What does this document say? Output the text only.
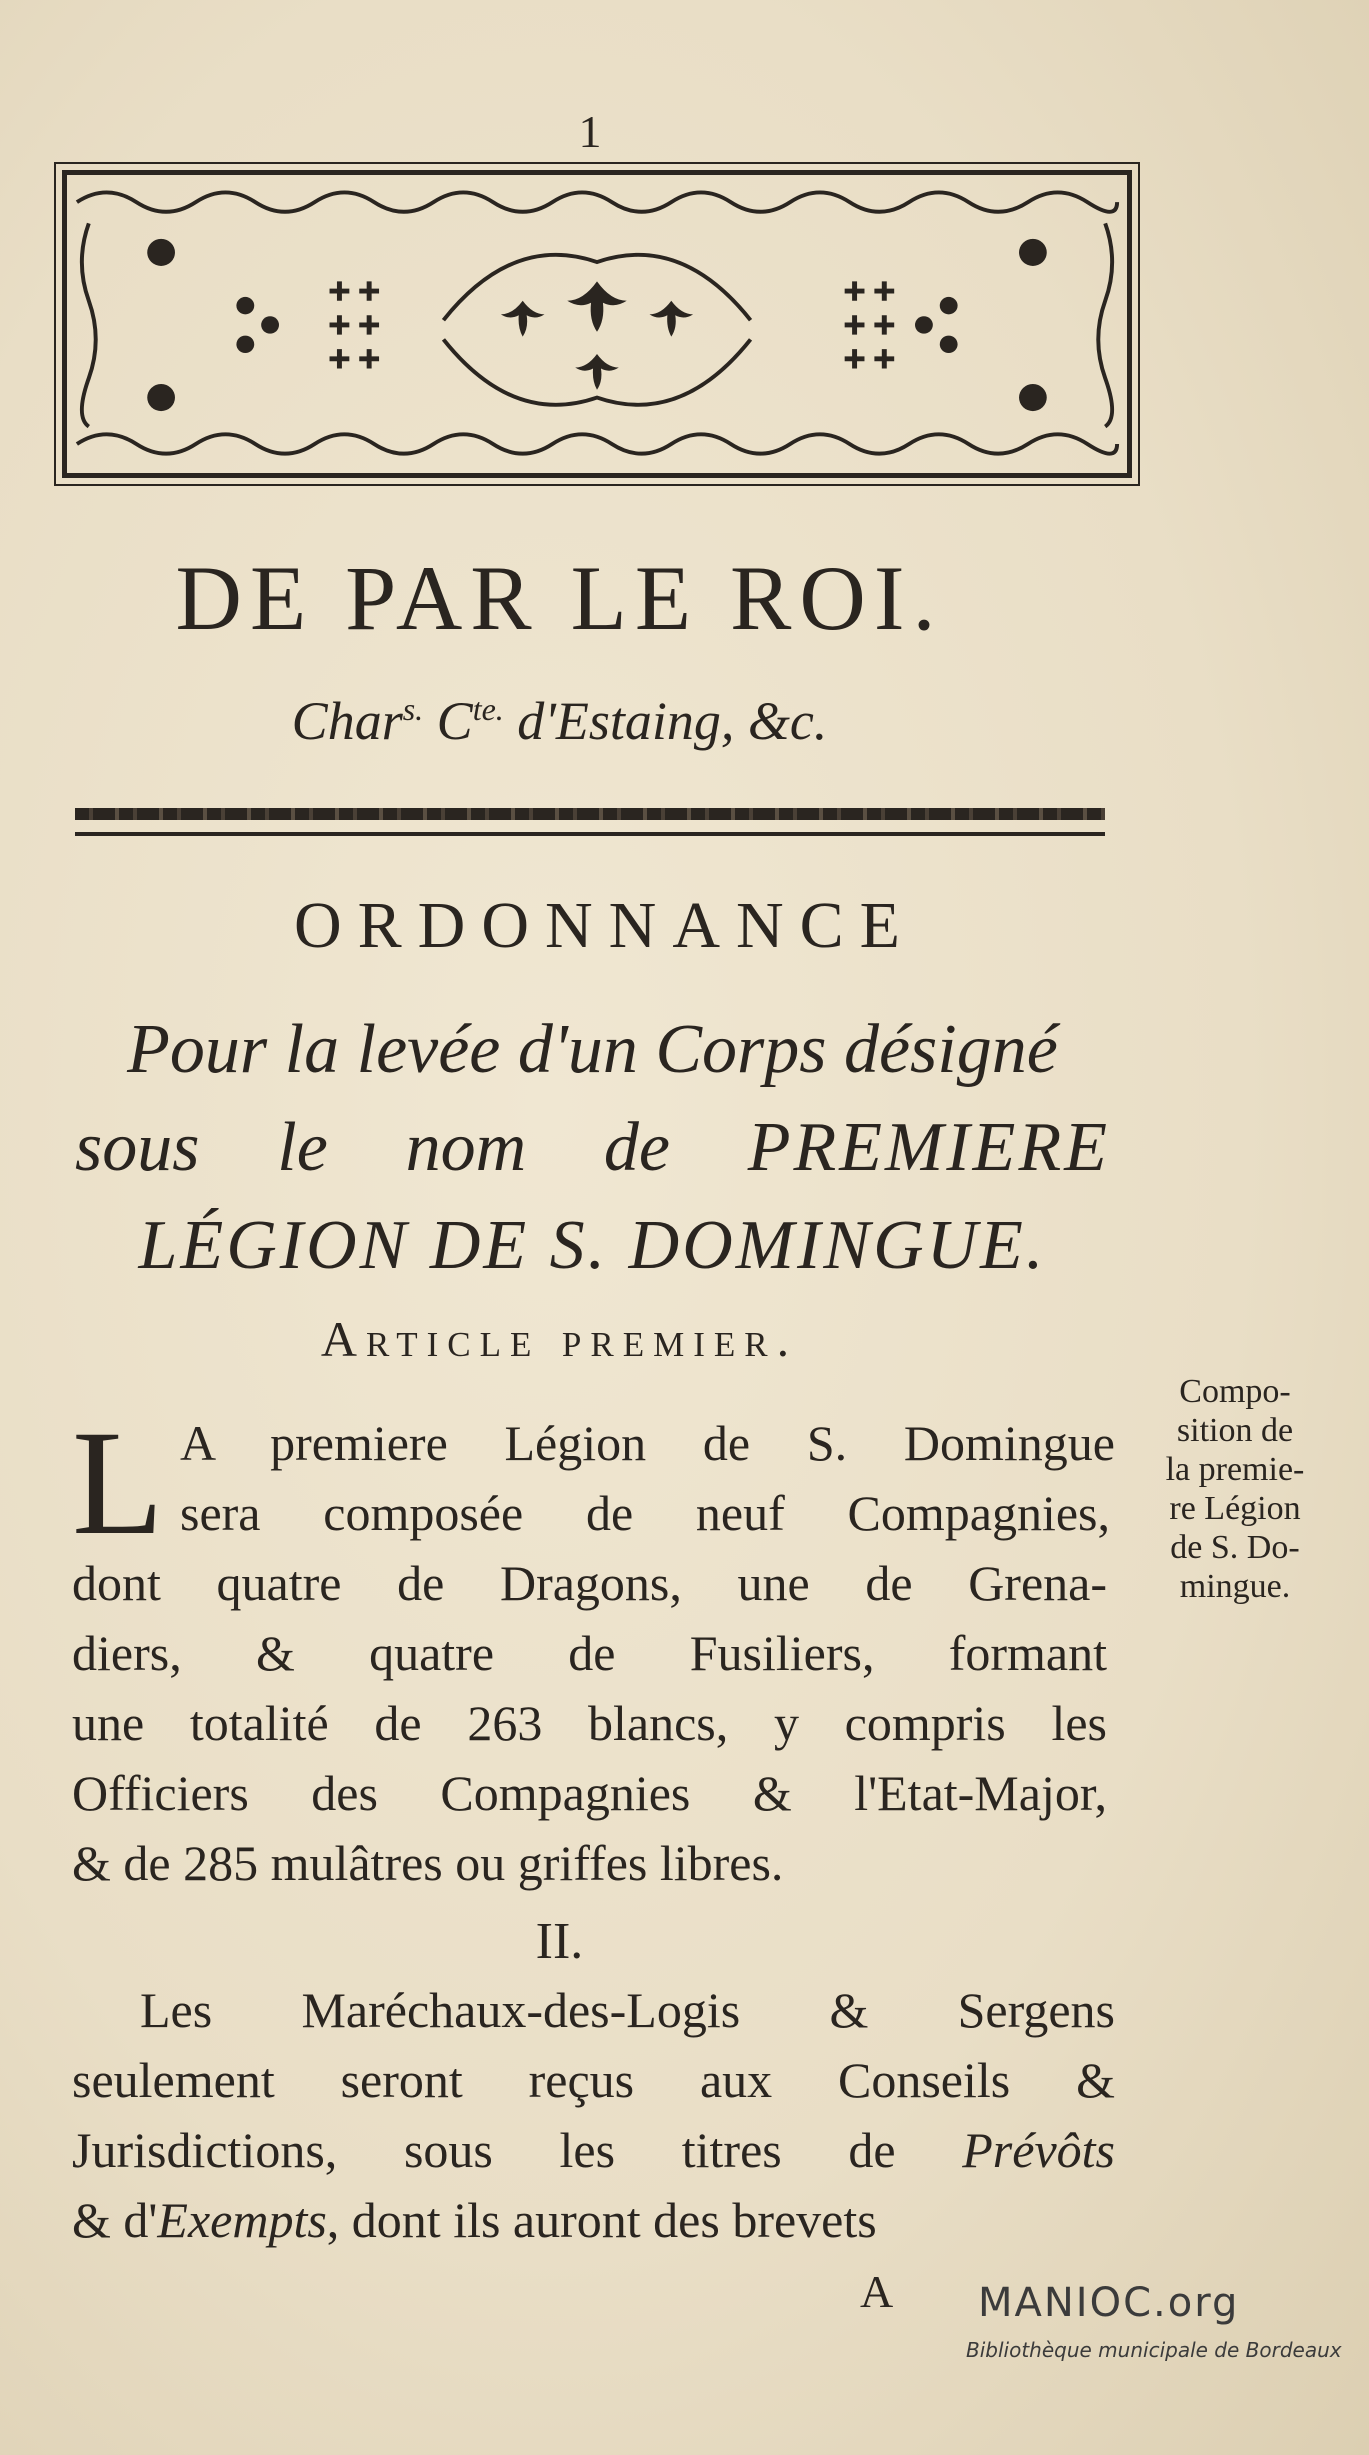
1
DE PAR LE ROI.
Char$^{s.}$ $C^{te.}$ d'Estaing, &c.
ORDONNANCE
Pour la levée d'un Corps désigné
sous le nom de PREMIERE
LÉGION DE S. DOMINGUE.
Article premier.
L A premiere Légion de S. Domingue
sera composée de neuf Compagnies,
dont quatre de Dragons, une de Grena-
diers, & quatre de Fusiliers, formant
une totalité de 263 blancs, y compris les
Officiers des Compagnies & l'Etat-Major,
& de 285 mulâtres ou griffes libres.
II.
Les Maréchaux-des-Logis & Sergens
seulement seront reçus aux Conseils &
Jurisdictions, sous les titres de Prévôts
& d'Exempts, dont ils auront des brevets
A
Compo-
sition de
la premie-
re Légion
de S. Do-
mingue.
MANIOC.org
Bibliothèque municipale de Bordeaux
